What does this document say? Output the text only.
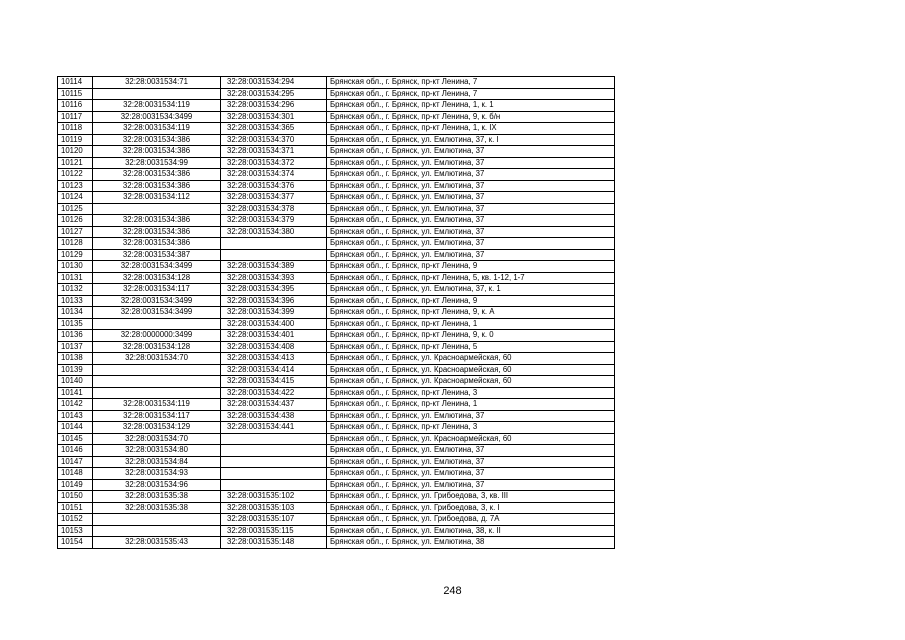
10114	32:28:0031534:71	32:28:0031534:294	Брянская обл., г. Брянск, пр-кт Ленина, 7
10115		32:28:0031534:295	Брянская обл., г. Брянск, пр-кт Ленина, 7
10116	32:28:0031534:119	32:28:0031534:296	Брянская обл., г. Брянск, пр-кт Ленина, 1, к. 1
10117	32:28:0031534:3499	32:28:0031534:301	Брянская обл., г. Брянск, пр-кт Ленина, 9, к. б/н
10118	32:28:0031534:119	32:28:0031534:365	Брянская обл., г. Брянск, пр-кт Ленина, 1, к. IX
10119	32:28:0031534:386	32:28:0031534:370	Брянская обл., г. Брянск, ул. Емлютина, 37, к. I
10120	32:28:0031534:386	32:28:0031534:371	Брянская обл., г. Брянск, ул. Емлютина, 37
10121	32:28:0031534:99	32:28:0031534:372	Брянская обл., г. Брянск, ул. Емлютина, 37
10122	32:28:0031534:386	32:28:0031534:374	Брянская обл., г. Брянск, ул. Емлютина, 37
10123	32:28:0031534:386	32:28:0031534:376	Брянская обл., г. Брянск, ул. Емлютина, 37
10124	32:28:0031534:112	32:28:0031534:377	Брянская обл., г. Брянск, ул. Емлютина, 37
10125		32:28:0031534:378	Брянская обл., г. Брянск, ул. Емлютина, 37
10126	32:28:0031534:386	32:28:0031534:379	Брянская обл., г. Брянск, ул. Емлютина, 37
10127	32:28:0031534:386	32:28:0031534:380	Брянская обл., г. Брянск, ул. Емлютина, 37
10128	32:28:0031534:386		Брянская обл., г. Брянск, ул. Емлютина, 37
10129	32:28:0031534:387		Брянская обл., г. Брянск, ул. Емлютина, 37
10130	32:28:0031534:3499	32:28:0031534:389	Брянская обл., г. Брянск, пр-кт Ленина, 9
10131	32:28:0031534:128	32:28:0031534:393	Брянская обл., г. Брянск, пр-кт Ленина, 5, кв. 1-12, 1-7
10132	32:28:0031534:117	32:28:0031534:395	Брянская обл., г. Брянск, ул. Емлютина, 37, к. 1
10133	32:28:0031534:3499	32:28:0031534:396	Брянская обл., г. Брянск, пр-кт Ленина, 9
10134	32:28:0031534:3499	32:28:0031534:399	Брянская обл., г. Брянск, пр-кт Ленина, 9, к. А
10135		32:28:0031534:400	Брянская обл., г. Брянск, пр-кт Ленина, 1
10136	32:28:0000000:3499	32:28:0031534:401	Брянская обл., г. Брянск, пр-кт Ленина, 9, к. 0
10137	32:28:0031534:128	32:28:0031534:408	Брянская обл., г. Брянск, пр-кт Ленина, 5
10138	32:28:0031534:70	32:28:0031534:413	Брянская обл., г. Брянск, ул. Красноармейская, 60
10139		32:28:0031534:414	Брянская обл., г. Брянск, ул. Красноармейская, 60
10140		32:28:0031534:415	Брянская обл., г. Брянск, ул. Красноармейская, 60
10141		32:28:0031534:422	Брянская обл., г. Брянск, пр-кт Ленина, 3
10142	32:28:0031534:119	32:28:0031534:437	Брянская обл., г. Брянск, пр-кт Ленина, 1
10143	32:28:0031534:117	32:28:0031534:438	Брянская обл., г. Брянск, ул. Емлютина, 37
10144	32:28:0031534:129	32:28:0031534:441	Брянская обл., г. Брянск, пр-кт Ленина, 3
10145	32:28:0031534:70		Брянская обл., г. Брянск, ул. Красноармейская, 60
10146	32:28:0031534:80		Брянская обл., г. Брянск, ул. Емлютина, 37
10147	32:28:0031534:84		Брянская обл., г. Брянск, ул. Емлютина, 37
10148	32:28:0031534:93		Брянская обл., г. Брянск, ул. Емлютина, 37
10149	32:28:0031534:96		Брянская обл., г. Брянск, ул. Емлютина, 37
10150	32:28:0031535:38	32:28:0031535:102	Брянская обл., г. Брянск, ул. Грибоедова, 3, кв. III
10151	32:28:0031535:38	32:28:0031535:103	Брянская обл., г. Брянск, ул. Грибоедова, 3, к. I
10152		32:28:0031535:107	Брянская обл., г. Брянск, ул. Грибоедова, д. 7А
10153		32:28:0031535:115	Брянская обл., г. Брянск, ул. Емлютина, 38, к. II
10154	32:28:0031535:43	32:28:0031535:148	Брянская обл., г. Брянск, ул. Емлютина, 38
248
